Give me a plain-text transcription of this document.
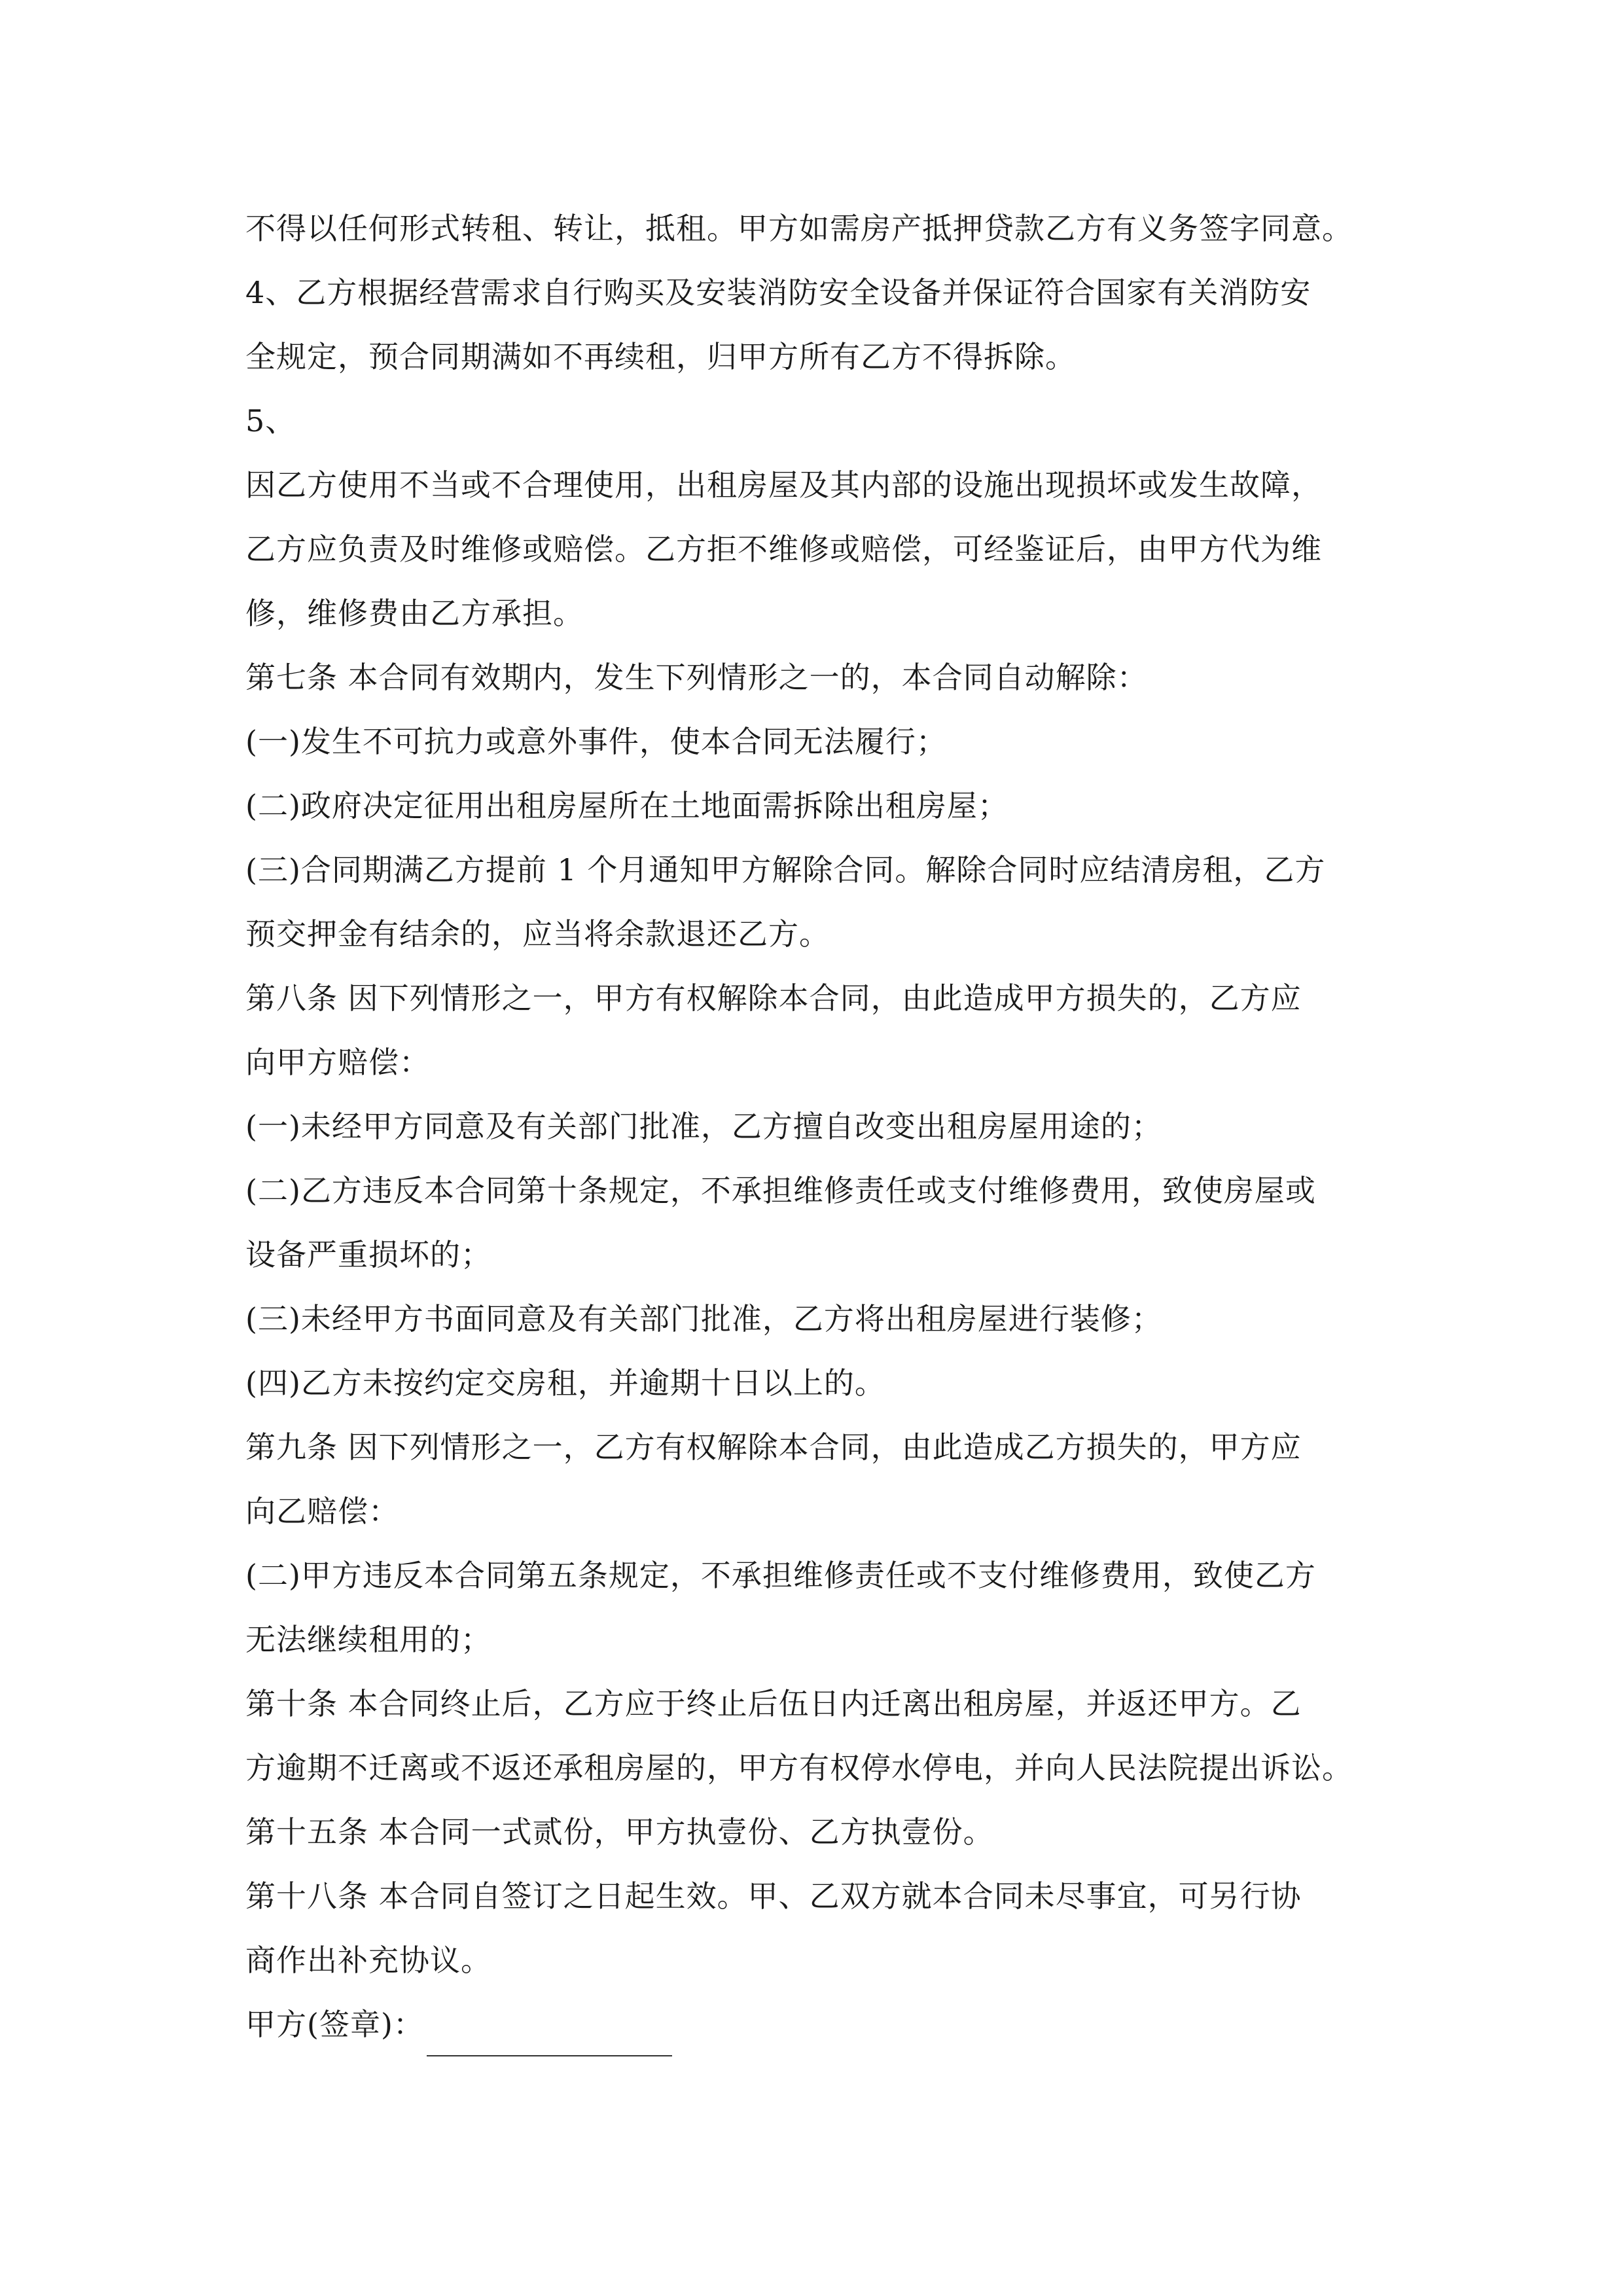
不得以任何形式转租、转让，抵租。甲方如需房产抵押贷款乙方有义务签字同意。
4、乙方根据经营需求自行购买及安装消防安全设备并保证符合国家有关消防安
全规定，预合同期满如不再续租，归甲方所有乙方不得拆除。
5、
因乙方使用不当或不合理使用，出租房屋及其内部的设施出现损坏或发生故障，
乙方应负责及时维修或赔偿。乙方拒不维修或赔偿，可经鉴证后，由甲方代为维
修，维修费由乙方承担。
第七条 本合同有效期内，发生下列情形之一的，本合同自动解除：
(一)发生不可抗力或意外事件，使本合同无法履行；
(二)政府决定征用出租房屋所在土地面需拆除出租房屋；
(三)合同期满乙方提前 1 个月通知甲方解除合同。解除合同时应结清房租，乙方
预交押金有结余的，应当将余款退还乙方。
第八条 因下列情形之一，甲方有权解除本合同，由此造成甲方损失的，乙方应
向甲方赔偿：
(一)未经甲方同意及有关部门批准，乙方擅自改变出租房屋用途的；
(二)乙方违反本合同第十条规定，不承担维修责任或支付维修费用，致使房屋或
设备严重损坏的；
(三)未经甲方书面同意及有关部门批准，乙方将出租房屋进行装修；
(四)乙方未按约定交房租，并逾期十日以上的。
第九条 因下列情形之一，乙方有权解除本合同，由此造成乙方损失的，甲方应
向乙赔偿：
(二)甲方违反本合同第五条规定，不承担维修责任或不支付维修费用，致使乙方
无法继续租用的；
第十条 本合同终止后，乙方应于终止后伍日内迁离出租房屋，并返还甲方。乙
方逾期不迁离或不返还承租房屋的，甲方有权停水停电，并向人民法院提出诉讼。
第十五条 本合同一式贰份，甲方执壹份、乙方执壹份。
第十八条 本合同自签订之日起生效。甲、乙双方就本合同未尽事宜，可另行协
商作出补充协议。
甲方(签章)：
